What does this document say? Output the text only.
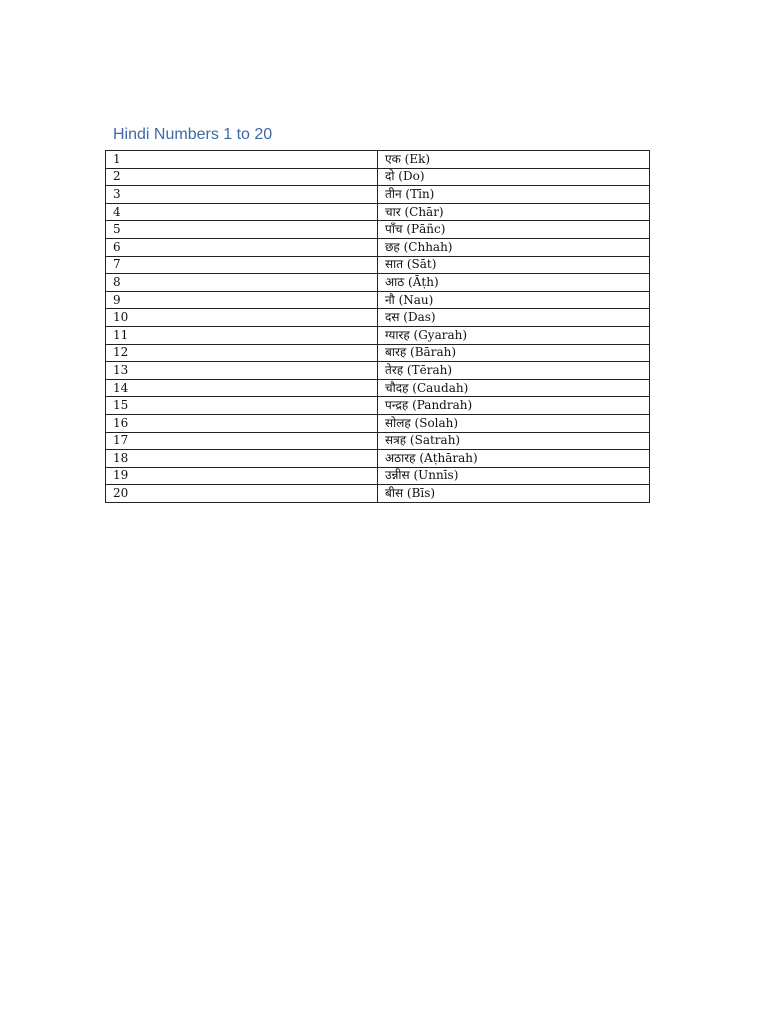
Hindi Numbers 1 to 20
1	एक (Ek)
2	दो (Do)
3	तीन (Tīn)
4	चार (Chār)
5	पाँच (Pāñc)
6	छह (Chhah)
7	सात (Sāt)
8	आठ (Āṭh)
9	नौ (Nau)
10	दस (Das)
11	ग्यारह (Gyarah)
12	बारह (Bārah)
13	तेरह (Tērah)
14	चौदह (Caudah)
15	पन्द्रह (Pandrah)
16	सोलह (Solah)
17	सत्रह (Satrah)
18	अठारह (Aṭhārah)
19	उन्नीस (Unnīs)
20	बीस (Bīs)
